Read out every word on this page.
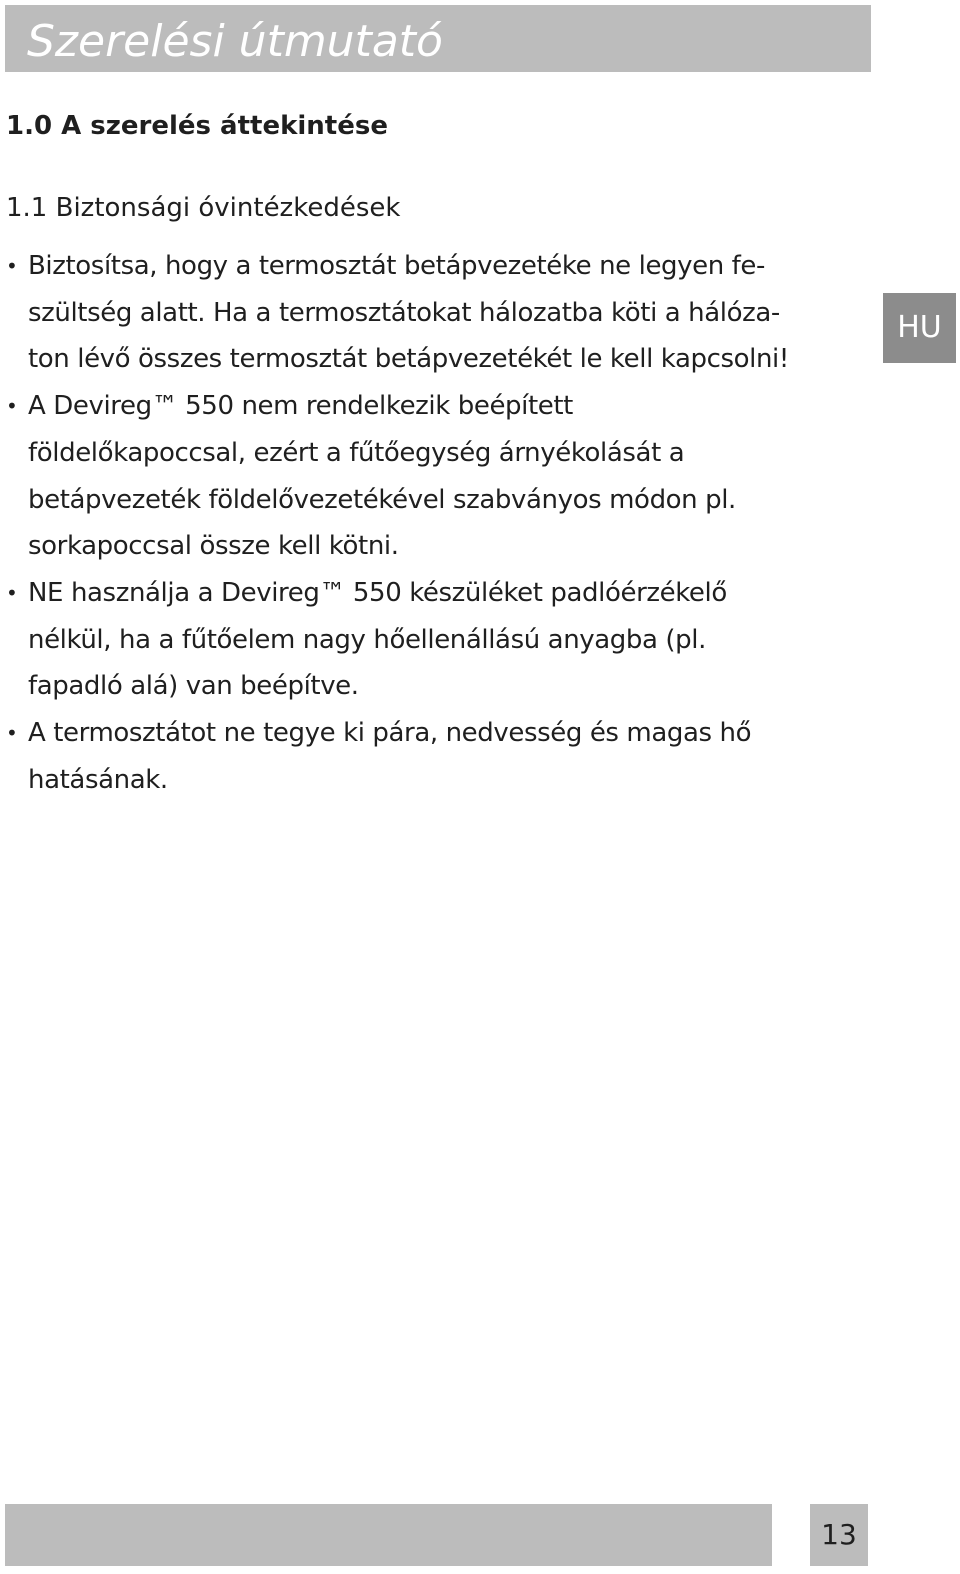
Szerelési útmutató
1.0 A szerelés áttekintése
1.1 Biztonsági óvintézkedések
• Biztosítsa, hogy a termosztát betápvezetéke ne legyen fe-
szültség alatt. Ha a termosztátokat hálozatba köti a hálóza-
ton lévő összes termosztát betápvezetékét le kell kapcsolni!
• A Devireg™ 550 nem rendelkezik beépített
földelőkapoccsal, ezért a fűtőegység árnyékolását a
betápvezeték földelővezetékével szabványos módon pl.
sorkapoccsal össze kell kötni.
• NE használja a Devireg™ 550 készüléket padlóérzékelő
nélkül, ha a fűtőelem nagy hőellenállású anyagba (pl.
fapadló alá) van beépítve.
• A termosztátot ne tegye ki pára, nedvesség és magas hő
hatásának.
HU
13
